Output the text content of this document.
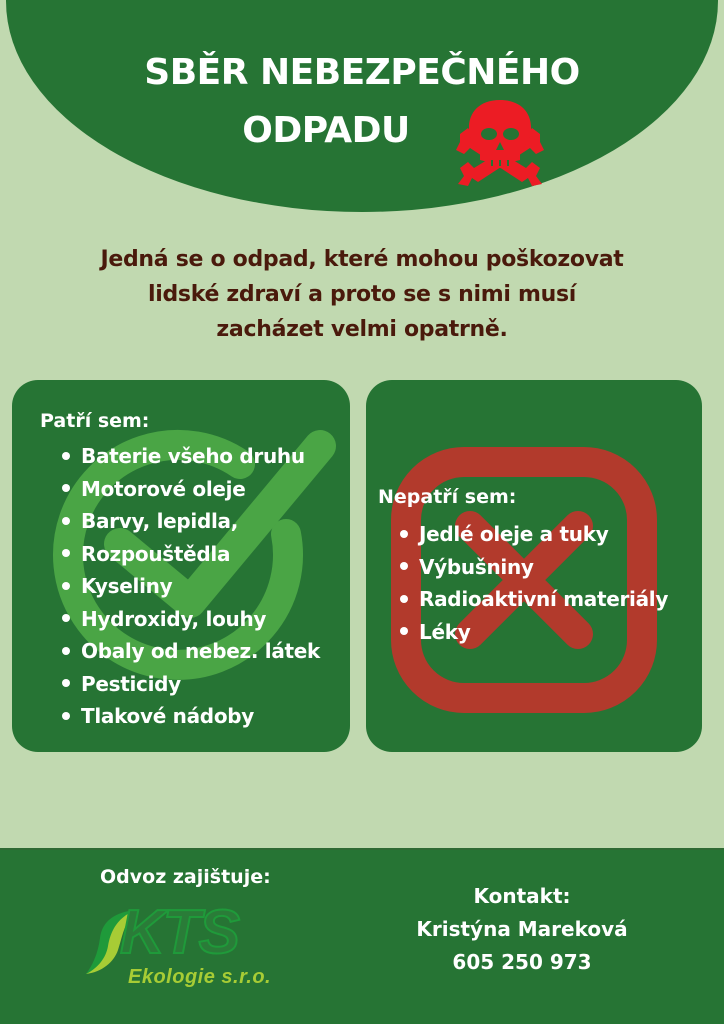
SBĚR NEBEZPEČNÉHO
ODPADU
Jedná se o odpad, které mohou poškozovat
lidské zdraví a proto se s nimi musí
zacházet velmi opatrně.
Patří sem:
Baterie všeho druhu
Motorové oleje
Barvy, lepidla,
Rozpouštědla
Kyseliny
Hydroxidy, louhy
Obaly od nebez. látek
Pesticidy
Tlakové nádoby
Nepatří sem:
Jedlé oleje a tuky
Výbušniny
Radioaktivní materiály
Léky
Odvoz zajištuje:
KTS
Ekologie s.r.o.
Kontakt:
Kristýna Mareková
605 250 973
